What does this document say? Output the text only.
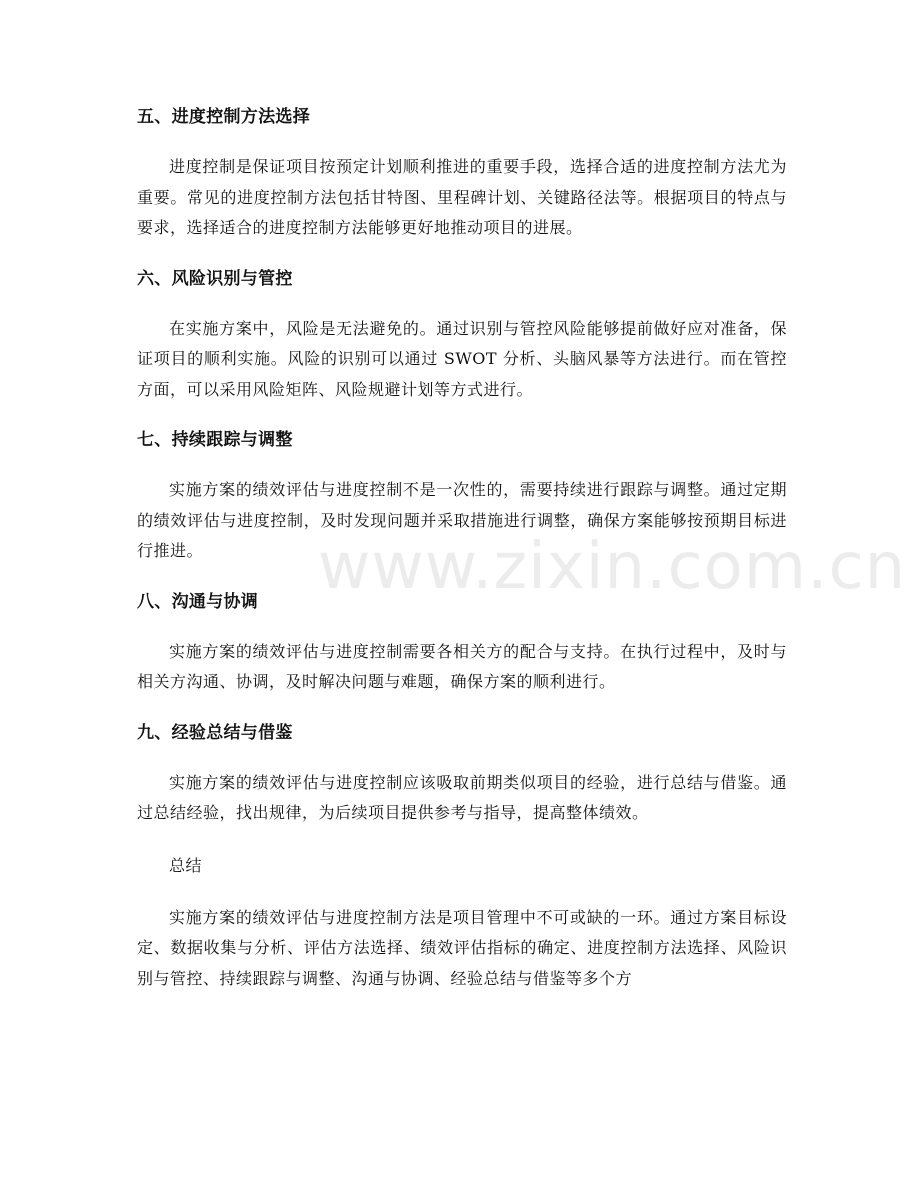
五、进度控制方法选择

进度控制是保证项目按预定计划顺利推进的重要手段，选择合适的进度控制方法尤为重要。常见的进度控制方法包括甘特图、里程碑计划、关键路径法等。根据项目的特点与要求，选择适合的进度控制方法能够更好地推动项目的进展。

六、风险识别与管控

在实施方案中，风险是无法避免的。通过识别与管控风险能够提前做好应对准备，保证项目的顺利实施。风险的识别可以通过 SWOT 分析、头脑风暴等方法进行。而在管控方面，可以采用风险矩阵、风险规避计划等方式进行。

七、持续跟踪与调整

实施方案的绩效评估与进度控制不是一次性的，需要持续进行跟踪与调整。通过定期的绩效评估与进度控制，及时发现问题并采取措施进行调整，确保方案能够按预期目标进行推进。

八、沟通与协调

实施方案的绩效评估与进度控制需要各相关方的配合与支持。在执行过程中，及时与相关方沟通、协调，及时解决问题与难题，确保方案的顺利进行。

九、经验总结与借鉴

实施方案的绩效评估与进度控制应该吸取前期类似项目的经验，进行总结与借鉴。通过总结经验，找出规律，为后续项目提供参考与指导，提高整体绩效。

总结

实施方案的绩效评估与进度控制方法是项目管理中不可或缺的一环。通过方案目标设定、数据收集与分析、评估方法选择、绩效评估指标的确定、进度控制方法选择、风险识别与管控、持续跟踪与调整、沟通与协调、经验总结与借鉴等多个方

www.zixin.com.cn
